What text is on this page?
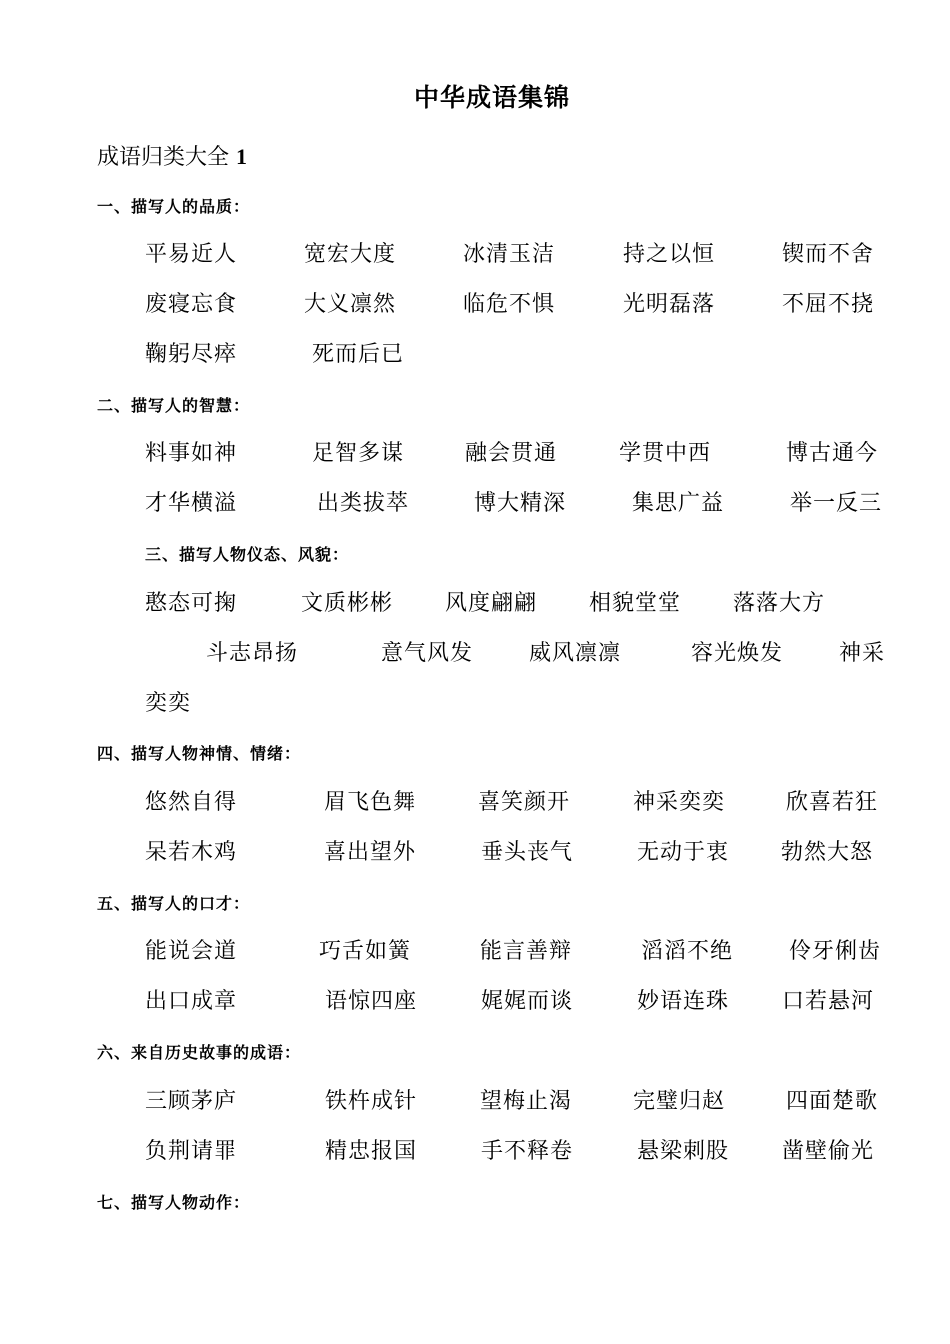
中华成语集锦
成语归类大全 1
一、描写人的品质：
平易近人	宽宏大度	冰清玉洁	持之以恒	锲而不舍
废寝忘食	大义凛然	临危不惧	光明磊落	不屈不挠
鞠躬尽瘁	死而后已
二、描写人的智慧：
料事如神	足智多谋	融会贯通	学贯中西	博古通今
才华横溢	出类拔萃	博大精深	集思广益	举一反三
三、描写人物仪态、风貌：
憨态可掬	文质彬彬 风度翩翩 相貌堂堂 落落大方
斗志昂扬	意气风发	威风凛凛	容光焕发	神采
奕奕
四、描写人物神情、情绪：
悠然自得	眉飞色舞	喜笑颜开	神采奕奕	欣喜若狂
呆若木鸡	喜出望外	垂头丧气	无动于衷 勃然大怒
五、描写人的口才：
能说会道	巧舌如簧	能言善辩	滔滔不绝	伶牙俐齿
出口成章	语惊四座	娓娓而谈	妙语连珠 口若悬河
六、来自历史故事的成语：
三顾茅庐	铁杵成针	望梅止渴	完璧归赵	四面楚歌
负荆请罪	精忠报国	手不释卷	悬梁刺股 凿壁偷光
七、描写人物动作：
